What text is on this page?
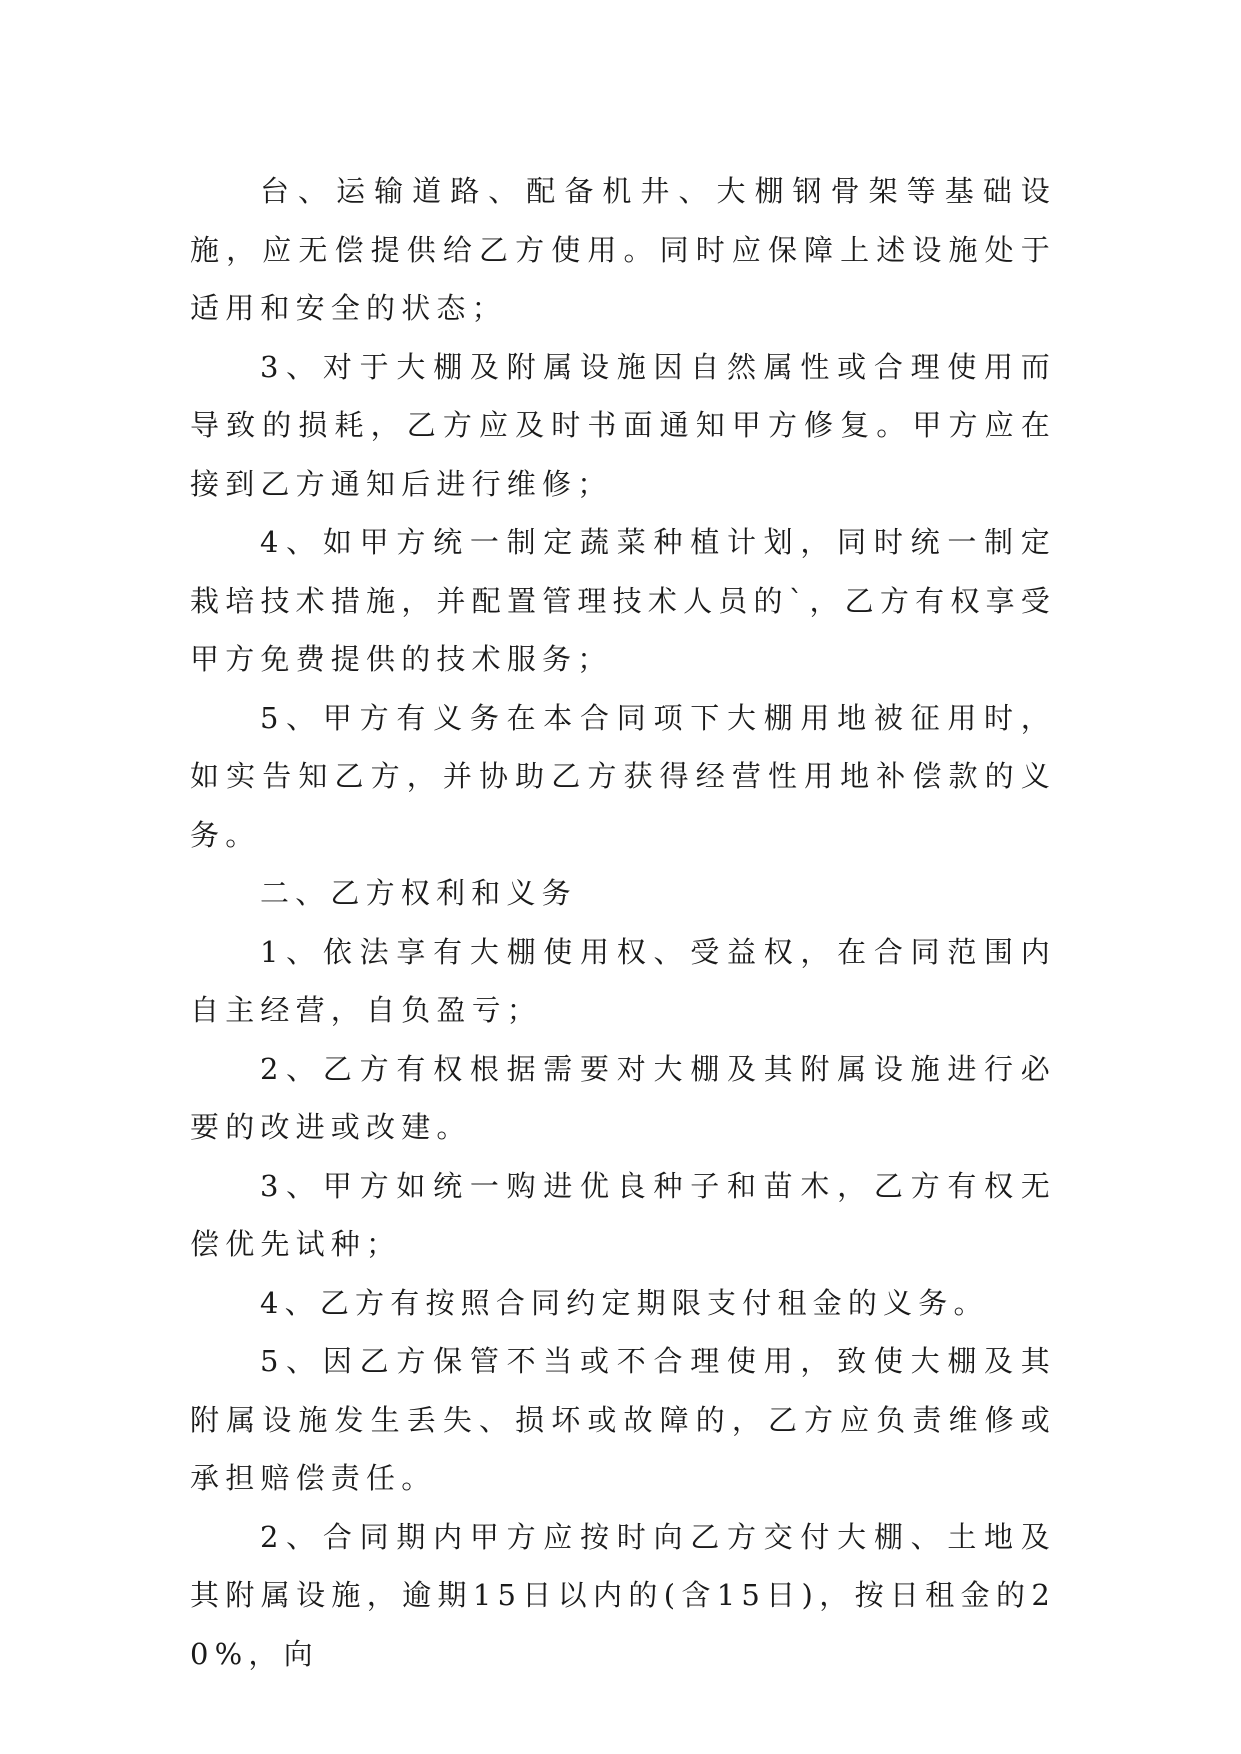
台、运输道路、配备机井、大棚钢骨架等基础设施，应无偿提供给乙方使用。同时应保障上述设施处于适用和安全的状态；

3、对于大棚及附属设施因自然属性或合理使用而导致的损耗，乙方应及时书面通知甲方修复。甲方应在接到乙方通知后进行维修；

4、如甲方统一制定蔬菜种植计划，同时统一制定栽培技术措施，并配置管理技术人员的`，乙方有权享受甲方免费提供的技术服务；

5、甲方有义务在本合同项下大棚用地被征用时，如实告知乙方，并协助乙方获得经营性用地补偿款的义务。

二、乙方权利和义务

1、依法享有大棚使用权、受益权，在合同范围内自主经营，自负盈亏；

2、乙方有权根据需要对大棚及其附属设施进行必要的改进或改建。

3、甲方如统一购进优良种子和苗木，乙方有权无偿优先试种；

4、乙方有按照合同约定期限支付租金的义务。

5、因乙方保管不当或不合理使用，致使大棚及其附属设施发生丢失、损坏或故障的，乙方应负责维修或承担赔偿责任。

2、合同期内甲方应按时向乙方交付大棚、土地及其附属设施，逾期15日以内的(含15日)，按日租金的20%，向
